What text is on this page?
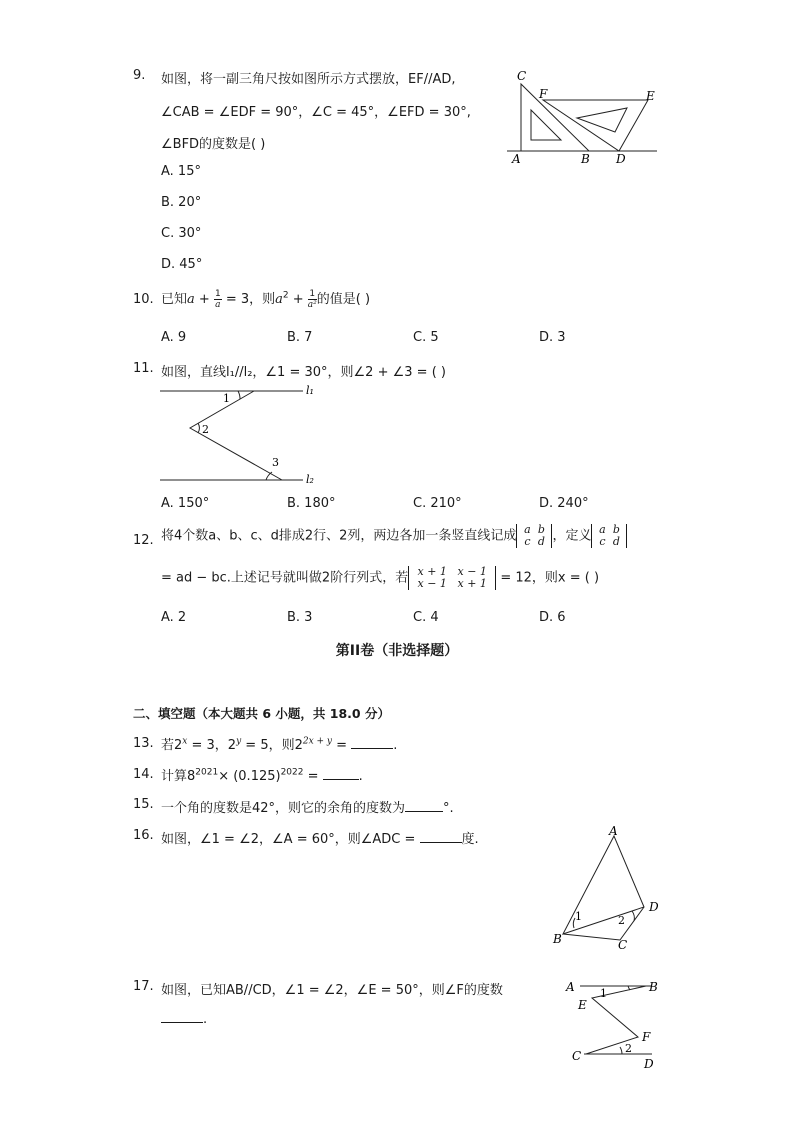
9. 如图，将一副三角尺按如图所示方式摆放，EF//AD,
∠CAB = ∠EDF = 90°，∠C = 45°，∠EFD = 30°,
∠BFD的度数是( )
A. 15°
B. 20°
C. 30°
D. 45°
C
F	E
A	B D
10. 已知$a + \frac{1}{a} = 3$，则$a^2 + \frac{1}{\text{a²}}$ 的值是( )
A. 9	B. 7	C. 5	D. 3
11. 如图，直线l₁//l₂，∠1 = 30°，则∠2 + ∠3 = ( )
1
2
3
l₁
l₂
A. 150°	B. 180°	C. 210°	D. 240°
12. 将4个数a、b、c、d排成2行、2列，两边各加一条竖直线记成 a b
c d ，定义 a b
c d
= ad − bc.上述记号就叫做2阶行列式，若 x + 1 x − 1
x − 1 x + 1 = 12，则x = ( )
A. 2	B. 3	C. 4	D. 6
第II卷（非选择题）
二、填空题（本大题共 6 小题，共 18.0 分）
13. 若$2^x = 3$，$2^y = 5$，则$2^{2x + y}$ =	.
14. 计算$8^{2021}\times (0.125)^{2022}$ =	.
15. 一个角的度数是42°，则它的余角的度数为	°.
16. 如图，∠1 = ∠2，∠A = 60°，则∠ADC =	度.
A
D
B	C
1	2
17. 如图，已知AB//CD，∠1 = ∠2，∠E = 50°，则∠F的度数
.
A	B
E
1
F
C
2
D
